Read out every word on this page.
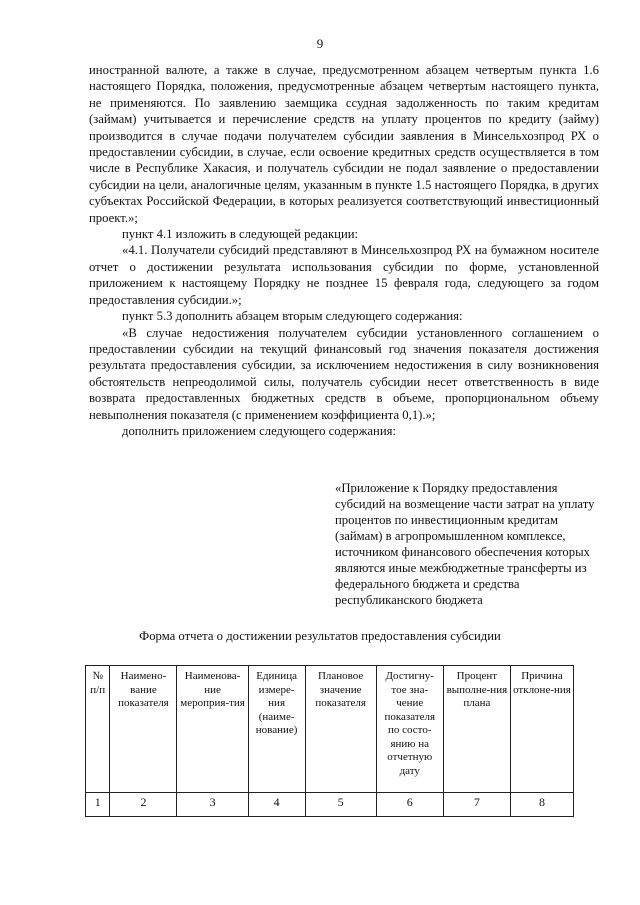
9

иностранной валюте, а также в случае, предусмотренном абзацем четвертым пункта 1.6 настоящего Порядка, положения, предусмотренные абзацем четвертым настоящего пункта, не применяются. По заявлению заемщика ссудная задолженность по таким кредитам (займам) учитывается и перечисление средств на уплату процентов по кредиту (займу) производится в случае подачи получателем субсидии заявления в Минсельхозпрод РХ о предоставлении субсидии, в случае, если освоение кредитных средств осуществляется в том числе в Республике Хакасия, и получатель субсидии не подал заявление о предоставлении субсидии на цели, аналогичные целям, указанным в пункте 1.5 настоящего Порядка, в других субъектах Российской Федерации, в которых реализуется соответствующий инвестиционный проект.»;

пункт 4.1 изложить в следующей редакции:

«4.1. Получатели субсидий представляют в Минсельхозпрод РХ на бумажном носителе отчет о достижении результата использования субсидии по форме, установленной приложением к настоящему Порядку не позднее 15 февраля года, следующего за годом предоставления субсидии.»;

пункт 5.3 дополнить абзацем вторым следующего содержания:

«В случае недостижения получателем субсидии установленного соглашением о предоставлении субсидии на текущий финансовый год значения показателя достижения результата предоставления субсидии, за исключением недостижения в силу возникновения обстоятельств непреодолимой силы, получатель субсидии несет ответственность в виде возврата предоставленных бюджетных средств в объеме, пропорциональном объему невыполнения показателя (с применением коэффициента 0,1).»;

дополнить приложением следующего содержания:

«Приложение к Порядку предоставления субсидий на возмещение части затрат на уплату процентов по инвестиционным кредитам (займам) в агропромышленном комплексе, источником финансового обеспечения которых являются иные межбюджетные трансферты из федерального бюджета и средства республиканского бюджета

Форма отчета о достижении результатов предоставления субсидии
№ п/п	Наимено-вание показателя	Наименова-ние мероприя-тия	Единица измере-ния (наиме-нование)	Плановое значение показателя	Достигну-тое зна-чение показателя по состо-янию на отчетную дату	Процент выполне-ния плана	Причина отклоне-ния
1	2	3	4	5	6	7	8
